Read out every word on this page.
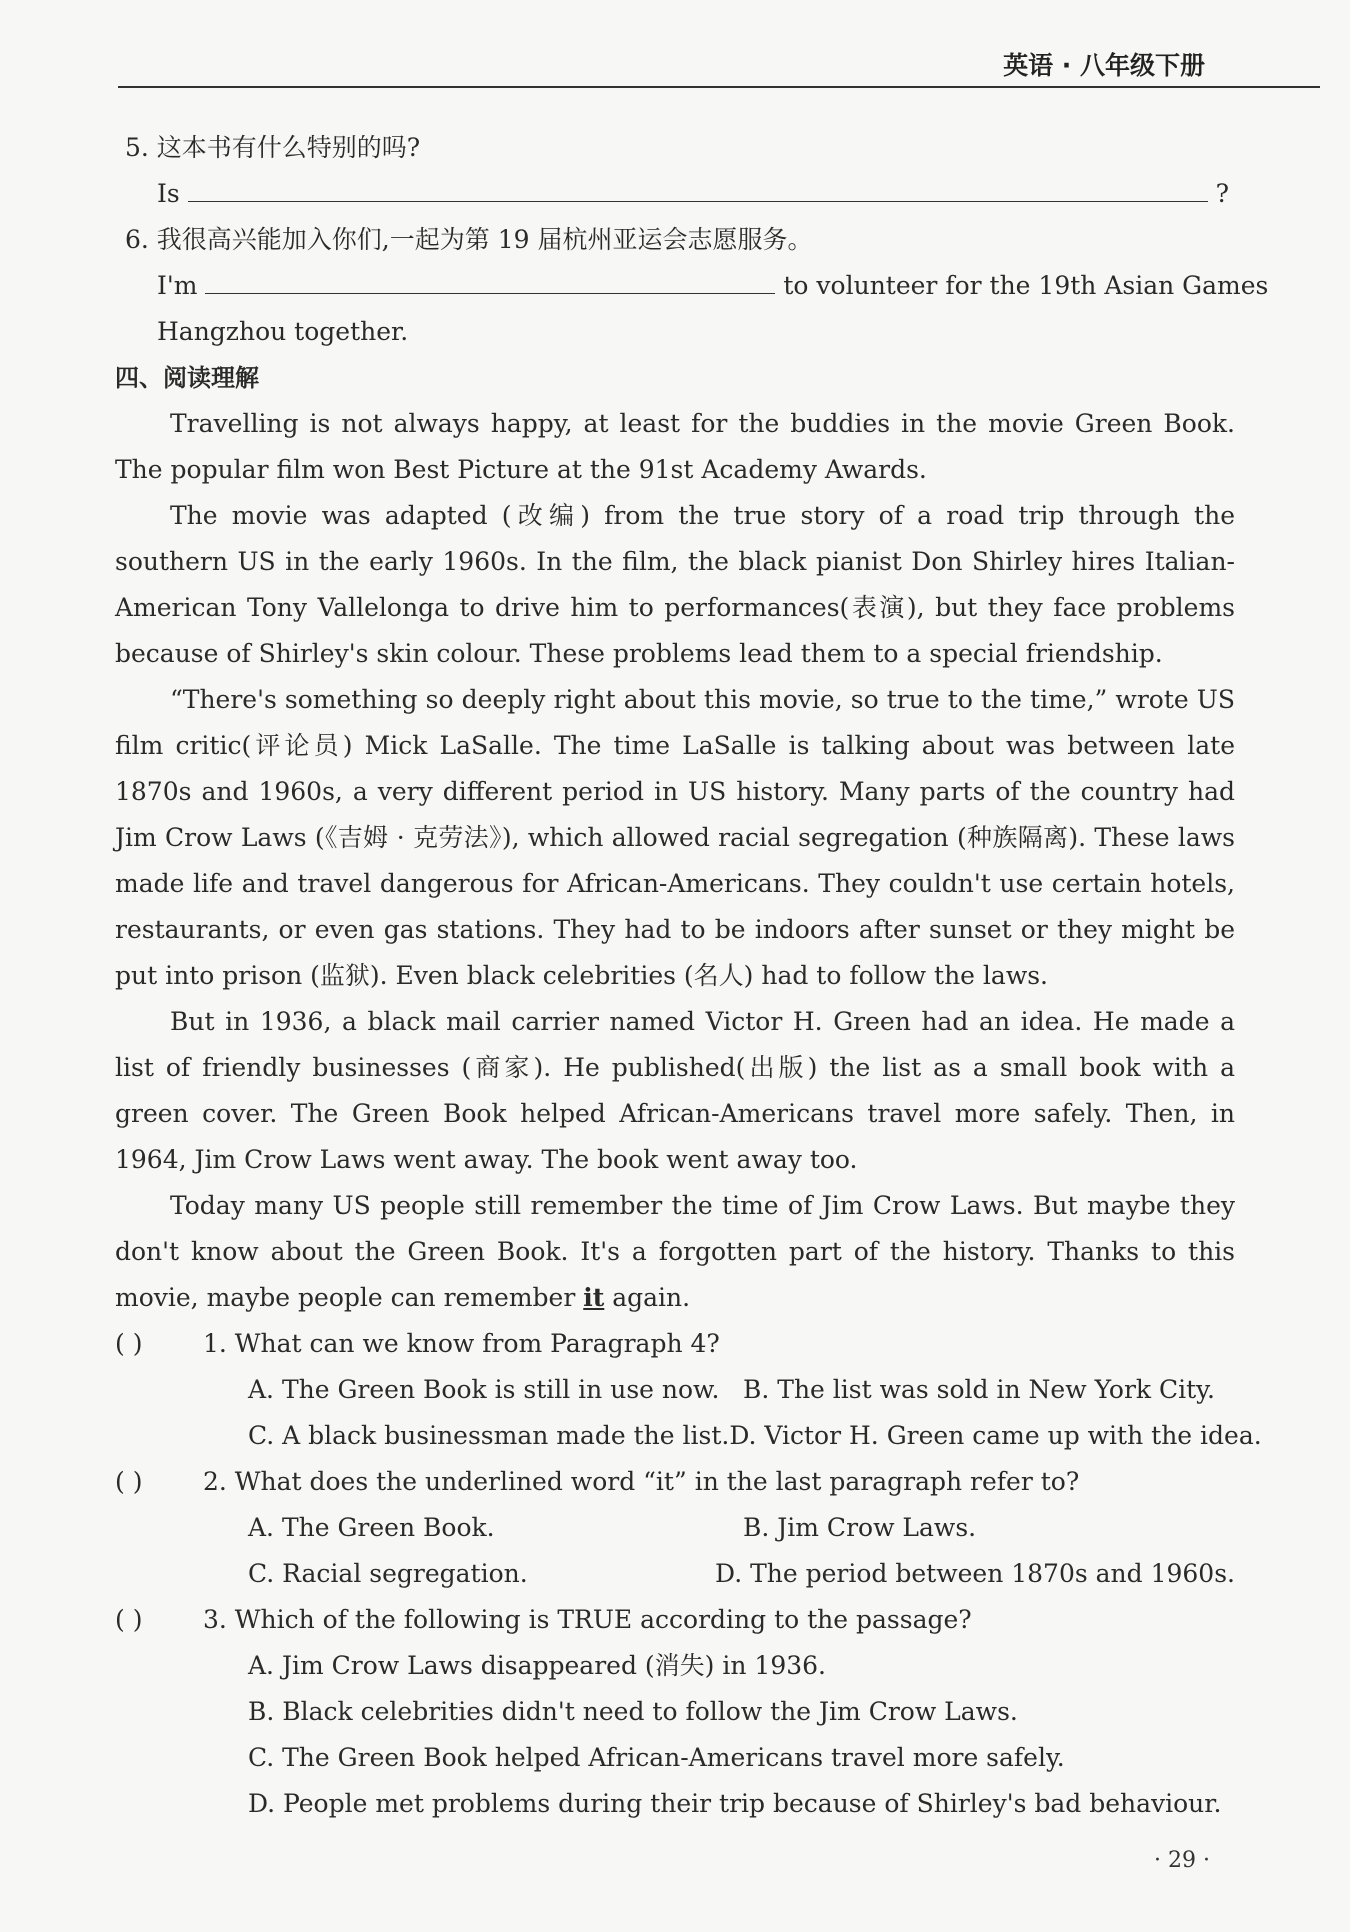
英语 · 八年级下册
5. 这本书有什么特别的吗?
Is	?
6. 我很高兴能加入你们,一起为第 19 届杭州亚运会志愿服务。
I'm	to volunteer for the 19th Asian Games
Hangzhou together.
四、阅读理解

Travelling is not always happy, at least for the buddies in the movie Green Book. The popular film won Best Picture at the 91st Academy Awards.

The movie was adapted (改编) from the true story of a road trip through the southern US in the early 1960s. In the film, the black pianist Don Shirley hires Italian-American Tony Vallelonga to drive him to performances(表演), but they face problems because of Shirley's skin colour. These problems lead them to a special friendship.

“There's something so deeply right about this movie, so true to the time,” wrote US film critic(评论员) Mick LaSalle. The time LaSalle is talking about was between late 1870s and 1960s, a very different period in US history. Many parts of the country had Jim Crow Laws (《吉姆 · 克劳法》), which allowed racial segregation (种族隔离). These laws made life and travel dangerous for African-Americans. They couldn't use certain hotels, restaurants, or even gas stations. They had to be indoors after sunset or they might be put into prison (监狱). Even black celebrities (名人) had to follow the laws.

But in 1936, a black mail carrier named Victor H. Green had an idea. He made a list of friendly businesses (商家). He published(出版) the list as a small book with a green cover. The Green Book helped African-Americans travel more safely. Then, in 1964, Jim Crow Laws went away. The book went away too.

Today many US people still remember the time of Jim Crow Laws. But maybe they don't know about the Green Book. It's a forgotten part of the history. Thanks to this movie, maybe people can remember it again.

( ) 1. What can we know from Paragraph 4?
A. The Green Book is still in use now. B. The list was sold in New York City.
C. A black businessman made the list. D. Victor H. Green came up with the idea.
( ) 2. What does the underlined word “it” in the last paragraph refer to?
A. The Green Book.	B. Jim Crow Laws.
C. Racial segregation.	D. The period between 1870s and 1960s.
( ) 3. Which of the following is TRUE according to the passage?
A. Jim Crow Laws disappeared (消失) in 1936.
B. Black celebrities didn't need to follow the Jim Crow Laws.
C. The Green Book helped African-Americans travel more safely.
D. People met problems during their trip because of Shirley's bad behaviour.
· 29 ·
